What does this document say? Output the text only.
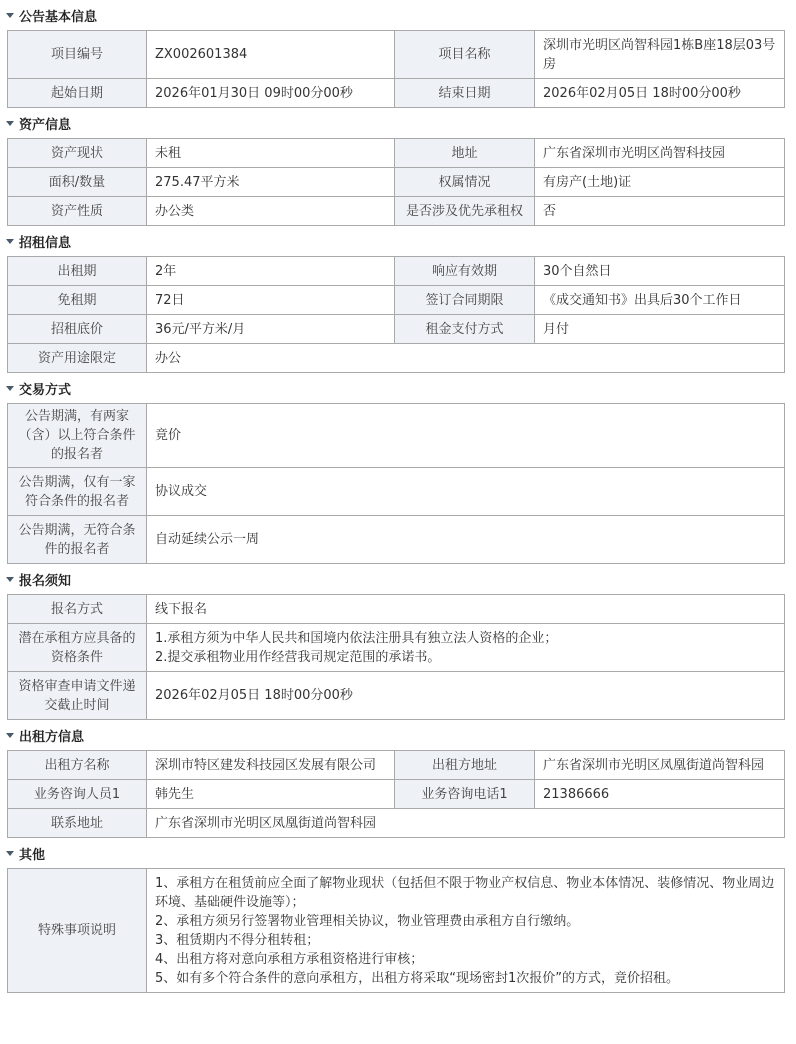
公告基本信息
项目编号	ZX002601384	项目名称	深圳市光明区尚智科园1栋B座18层03号房
起始日期	2026年01月30日 09时00分00秒	结束日期	2026年02月05日 18时00分00秒
资产信息
资产现状	未租	地址	广东省深圳市光明区尚智科技园
面积/数量	275.47平方米	权属情况	有房产(土地)证
资产性质	办公类	是否涉及优先承租权	否
招租信息
出租期	2年	响应有效期	30个自然日
免租期	72日	签订合同期限	《成交通知书》出具后30个工作日
招租底价	36元/平方米/月	租金支付方式	月付
资产用途限定	办公		
交易方式
公告期满，有两家（含）以上符合条件的报名者	竟价
公告期满，仅有一家符合条件的报名者	协议成交
公告期满，无符合条件的报名者	自动延续公示一周
报名须知
报名方式	线下报名
潜在承租方应具备的资格条件	1.承租方须为中华人民共和国境内依法注册具有独立法人资格的企业；
2.提交承租物业用作经营我司规定范围的承诺书。

资格审查申请文件递交截止时间	2026年02月05日 18时00分00秒
出租方信息
出租方名称	深圳市特区建发科技园区发展有限公司	出租方地址	广东省深圳市光明区凤凰街道尚智科园
业务咨询人员1	韩先生	业务咨询电话1	21386666
联系地址	广东省深圳市光明区凤凰街道尚智科园		
其他
特殊事项说明	
1、承租方在租赁前应全面了解物业现状（包括但不限于物业产权信息、物业本体情况、装修情况、物业周边环境、基础硬件设施等）；
2、承租方须另行签署物业管理相关协议，物业管理费由承租方自行缴纳。
3、租赁期内不得分租转租；
4、出租方将对意向承租方承租资格进行审核；
5、如有多个符合条件的意向承租方，出租方将采取“现场密封1次报价”的方式，竟价招租。
